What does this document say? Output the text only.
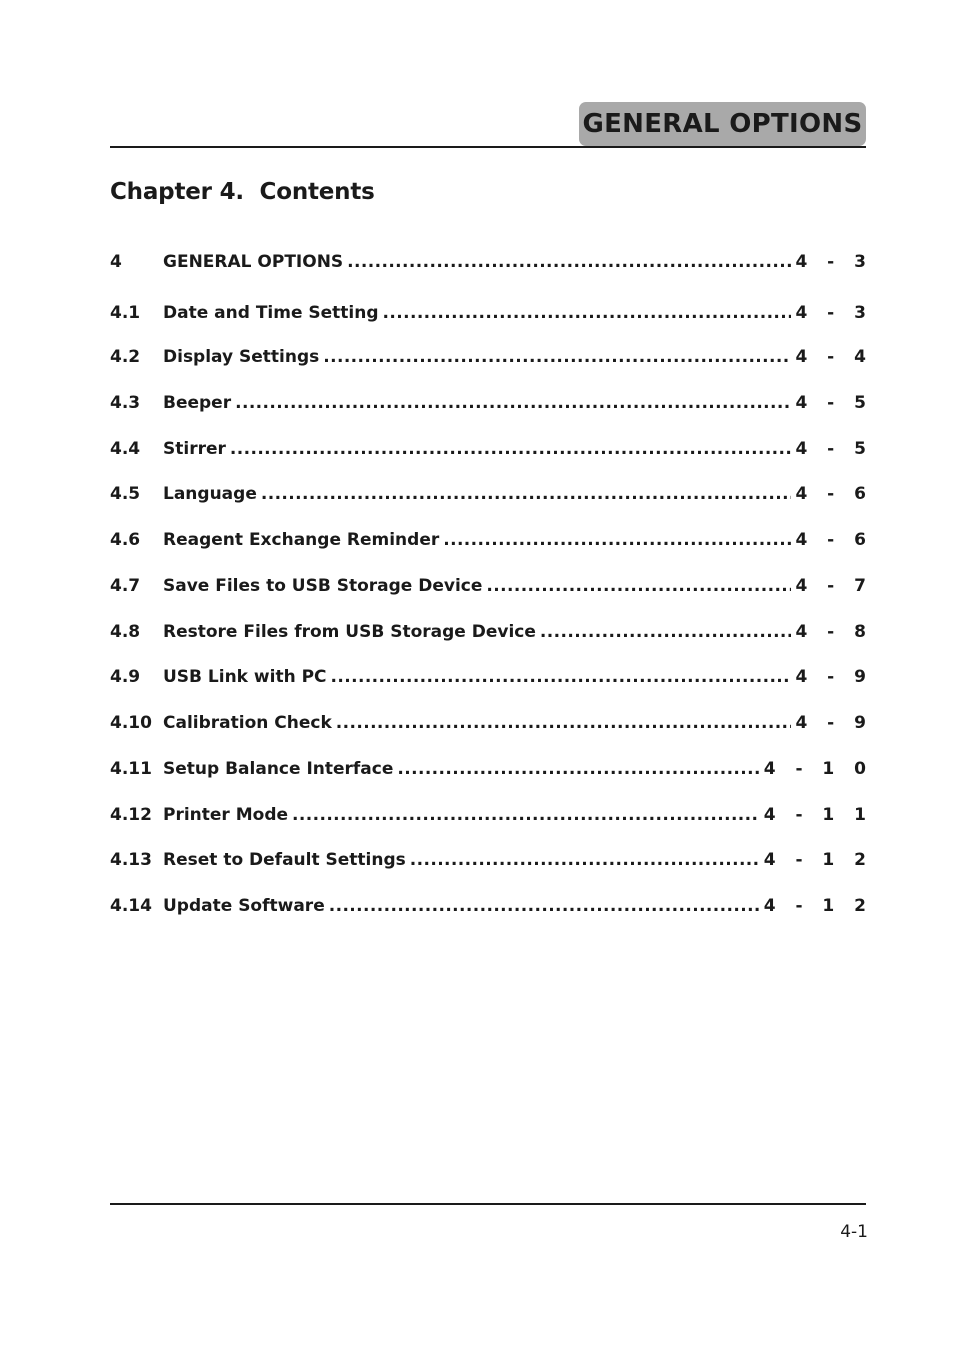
GENERAL OPTIONS
Chapter 4.  Contents
4	GENERAL OPTIONS .....	4 - 3
4.1	Date and Time Setting .....	4 - 3
4.2	Display Settings .....	4 - 4
4.3	Beeper .....	4 - 5
4.4	Stirrer .....	4 - 5
4.5	Language .....	4 - 6
4.6	Reagent Exchange Reminder .....	4 - 6
4.7	Save Files to USB Storage Device .....	4 - 7
4.8	Restore Files from USB Storage Device .....	4 - 8
4.9	USB Link with PC .....	4 - 9
4.10 Calibration Check .....	4 - 9
4.11 Setup Balance Interface .....	4 - 1 0
4.12 Printer Mode .....	4 - 1 1
4.13 Reset to Default Settings .....	4 - 1 2
4.14 Update Software .....	4 - 1 2
4-1
